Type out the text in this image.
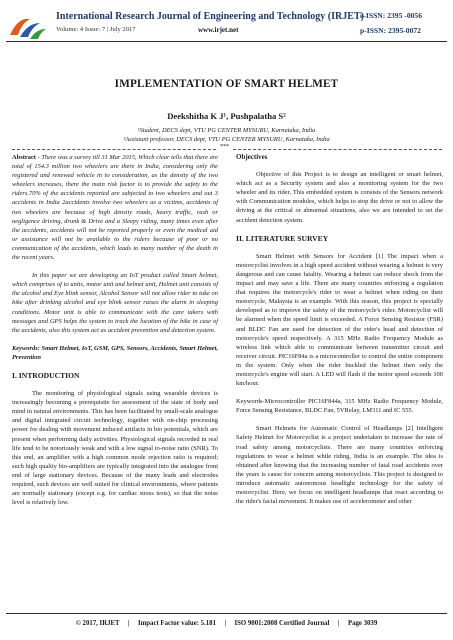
International Research Journal of Engineering and Technology (IRJET)
e-ISSN: 2395 -0056
Volume: 4 Issue: 7 | July 2017	www.irjet.net	p-ISSN: 2395-0072
IMPLEMENTATION OF SMART HELMET
Deekshitha K J¹, Pushpalatha S²
¹Student, DECS dept, VTU PG CENTER MYSURU, Karnataka, India
²Assistant professor, DECS dept, VTU PG CENTER MYSURU, Karnataka, India
***

Abstract - There was a survey till 31 Mar 2015, Which clear tells that there are total of 154.3 million two wheelers are there in India, considering only the registered and renewed vehicle in to consideration, as the density of the two wheelers increases, there the main risk factor is to provide the safety to the riders.70% of the accidents reported are subjected to two wheelers and out 3 accidents in India 2accidents involve two wheelers as a victims, accidents of two wheelers are because of high density roads, heavy traffic, rash or negligence driving, drunk & Drive and a Sleepy riding, many times even after the accidents, accidents will not be reported properly or even the medical aid or assistance will not be available to the riders because of poor or no communication of the accidents, which leads to many number of the death in the recent years.

In this paper we are developing an IoT product called Smart helmet, which comprises of to units, motor unit and helmet unit, Helmet unit consists of the alcohol and Eye blink sensor, Alcohol Sensor will not allow rider to take on bike after drinking alcohol and eye blink sensor raises the alarm in sleeping conditions. Motor unit is able to communicate with the care takers with messages and GPS helps the system to track the location of the bike in case of the accidents, also this system act as accident prevention and detection system.

Keywords: Smart Helmet, IoT, GSM, GPS, Sensors, Accidents, Smart Helmet, Prevention

I. INTRODUCTION

The monitoring of physiological signals using wearable devices is increasingly becoming a prerequisite for assessment of the state of body and mind in natural environments. This has been facilitated by small-scale analogue and digital integrated circuit technology, together with on-chip processing power for dealing with movement induced artifacts in bio potentials, which are present when performing daily activities. Physiological signals recorded in real life tend to be notoriously weak and with a low signal to-noise ratio (SNR). To this end, an amplifier with a high common mode rejection ratio is required; such high quality bio-amplifiers are typically integrated into the analogue front end of large stationary devices. Because of the many leads and electrodes required, such devices are well suited for clinical environments, where patients are normally stationary (except e.g. for cardiac stress tests), so that the noise level is relatively low.

Objectives

Objective of this Project is to design an intelligent or smart helmet, which act as a Security system and also a monitoring system for the two wheeler and its rider, This embedded system is consists of the Sensors network with Communication modules, which helps to stop the drive or not to allow the driving at the critical or abnormal situations, also we are intended to set the accident detection system.

II. LITERATURE SURVEY

Smart Helmet with Sensors for Accident [1] The impact when a motorcyclist involves in a high speed accident without wearing a helmet is very dangerous and can cause fatality. Wearing a helmet can reduce shock from the impact and may save a life. There are many countries enforcing a regulation that requires the motorcycle's rider to wear a helmet when riding on their motorcycle, Malaysia is an example. With this reason, this project is specially developed as to improve the safety of the motorcycle's rider. Motorcyclist will be alarmed when the speed limit is exceeded. A Force Sensing Resistor (FSR) and BLDC Fan are used for detection of the rider's head and detection of motorcycle's speed respectively. A 315 MHz Radio Frequency Module as wireless link which able to communicate between transmitter circuit and receiver circuit. PIC16F84a is a microcontroller to control the entire component in the system. Only when the rider buckled the helmet then only the motorcycle's engine will start. A LED will flash if the motor speed exceeds 100 km/hour.

Keywords-Microcontroller PIC16F844a, 315 MHz Radio Frequency Module, Force Sensing Resistance, BLDC Fan, 5VRelay, LM311 and IC 555.

Smart Helmets for Automatic Control of Headlamps [2] Intelligent Safety Helmet for Motorcyclist is a project undertaken to increase the rate of road safety among motorcyclists. There are many countries enforcing regulations to wear a helmet while riding, India is an example. The idea is obtained after knowing that the increasing number of fatal road accidents over the years is cause for concern among motorcyclists. This project is designed to introduce automatic autonomous headlight technology for the safety of motorcyclist. Here, we focus on intelligent headlamps that react according to the rider's facial movement. It makes use of accelerometer and other

© 2017, IRJET     |     Impact Factor value: 5.181     |     ISO 9001:2008 Certified Journal     |     Page 3039
